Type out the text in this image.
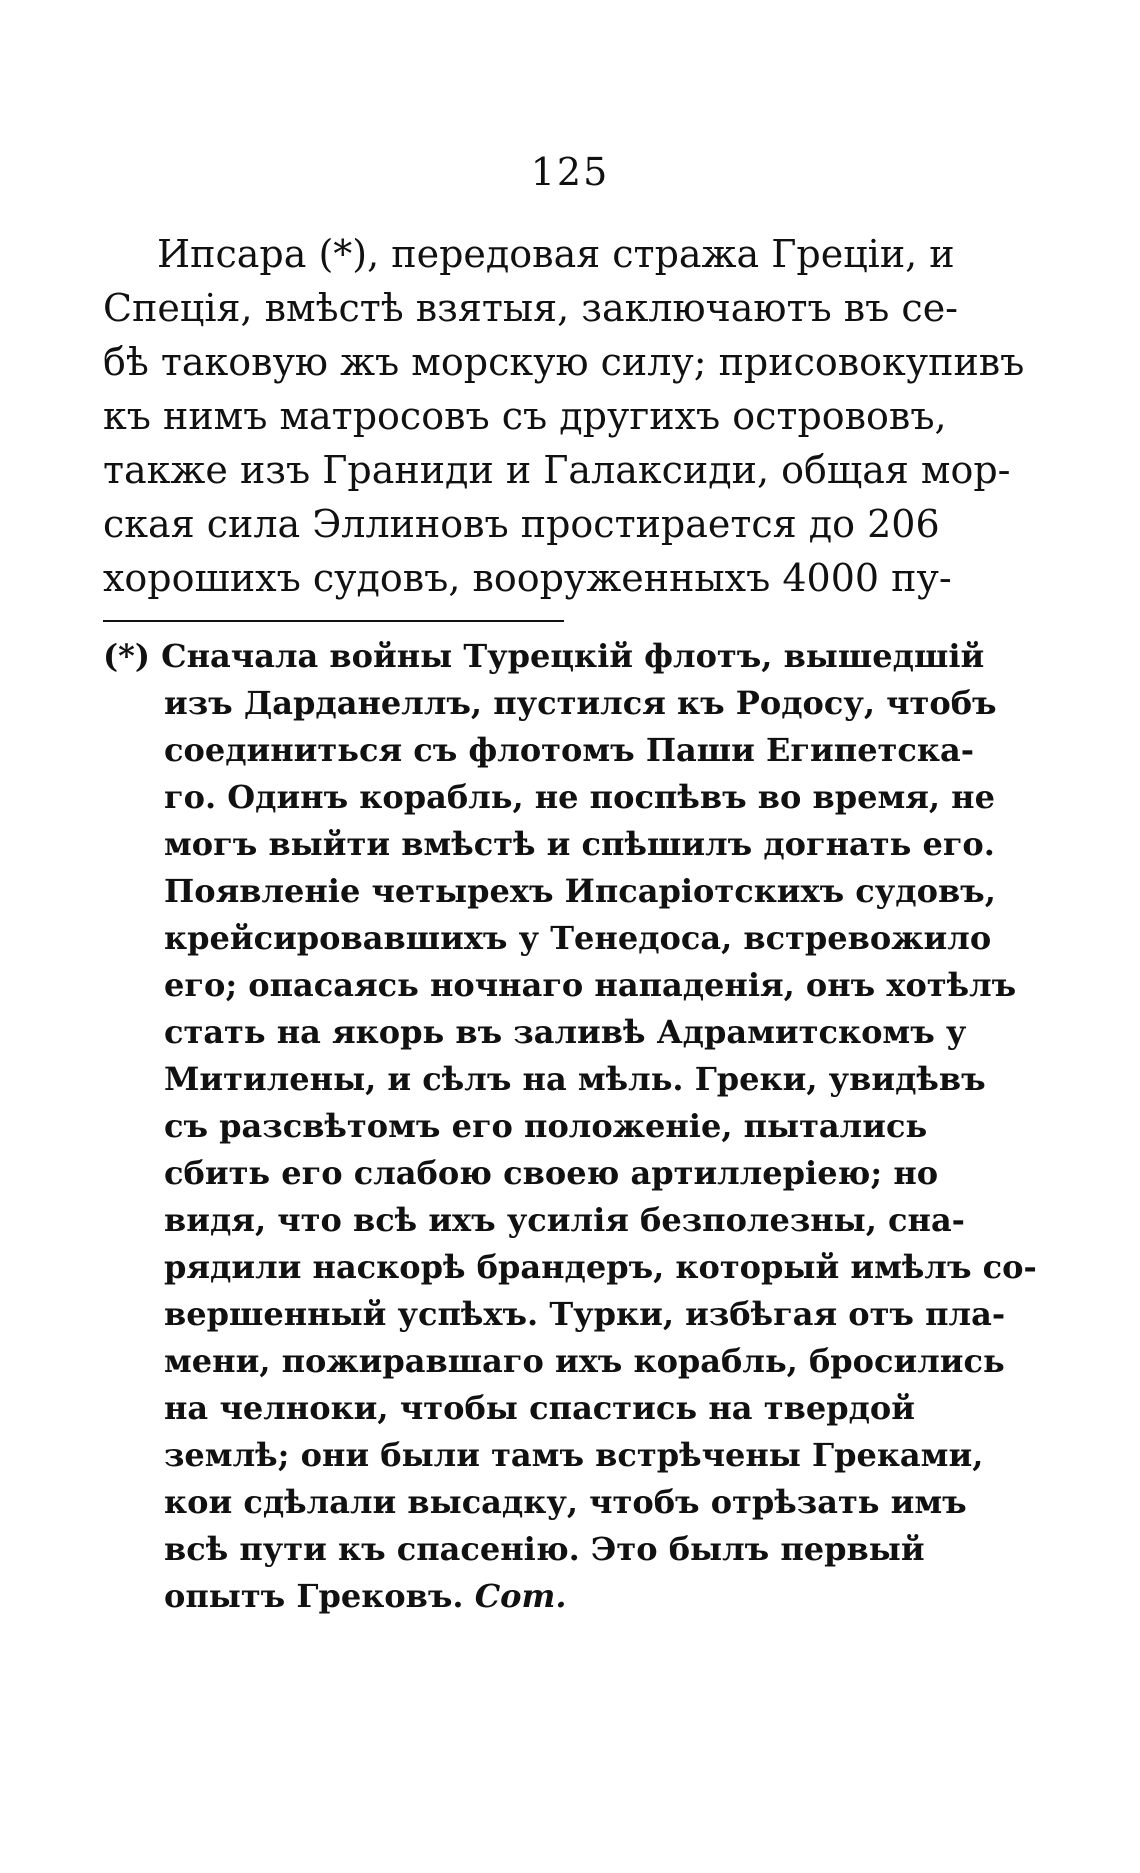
125
Ипсара (*), передовая стража Греціи, и
Спеція, вмѣстѣ взятыя, заключаютъ въ се-
бѣ таковую жъ морскую силу; присовокупивъ
къ нимъ матросовъ съ другихъ острововъ,
также изъ Граниди и Галаксиди, общая мор-
ская сила Эллиновъ простирается до 206
хорошихъ судовъ, вооруженныхъ 4000 пу-
(*) Сначала войны Турецкій флотъ, вышедшій
изъ Дарданеллъ, пустился къ Родосу, чтобъ
соединиться съ флотомъ Паши Египетска-
го. Одинъ корабль, не поспѣвъ во время, не
могъ выйти вмѣстѣ и спѣшилъ догнать его.
Появленіе четырехъ Ипсаріотскихъ судовъ,
крейсировавшихъ у Тенедоса, встревожило
его; опасаясь ночнаго нападенія, онъ хотѣлъ
стать на якорь въ заливѣ Адрамитскомъ у
Митилены, и сѣлъ на мѣль. Греки, увидѣвъ
съ разсвѣтомъ его положеніе, пытались
сбить его слабою своею артиллеріею; но
видя, что всѣ ихъ усилія безполезны, сна-
рядили наскорѣ брандеръ, который имѣлъ со-
вершенный успѣхъ. Турки, избѣгая отъ пла-
мени, пожиравшаго ихъ корабль, бросились
на челноки, чтобы спастись на твердой
землѣ; они были тамъ встрѣчены Греками,
кои сдѣлали высадку, чтобъ отрѣзать имъ
всѣ пути къ спасенію. Это былъ первый
опытъ Грековъ. Сот.
